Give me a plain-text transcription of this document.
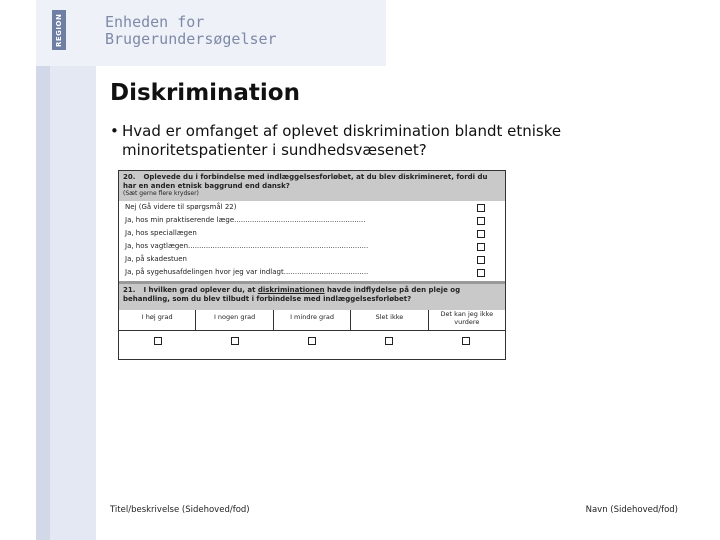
REGION	Enheden for
Brugerundersøgelser
Diskrimination
• Hvad er omfanget af oplevet diskrimination blandt etniske minoritetspatienter i sundhedsvæsenet?
20. Oplevede du i forbindelse med indlæggelsesforløbet, at du blev diskrimineret, fordi du har en anden etnisk baggrund end dansk?
(Sæt gerne flere krydser)
Nej (Gå videre til spørgsmål 22)
Ja, hos min praktiserende læge...........................................................
Ja, hos speciallægen
Ja, hos vagtlægen.................................................................................
Ja, på skadestuen
Ja, på sygehusafdelingen hvor jeg var indlagt......................................
21. I hvilken grad oplever du, at diskriminationen havde indflydelse på den pleje og behandling, som du blev tilbudt i forbindelse med indlæggelsesforløbet?
I høj grad	I nogen grad	I mindre grad	Slet ikke	Det kan jeg ikke vurdere
Titel/beskrivelse (Sidehoved/fod)	Navn (Sidehoved/fod)
